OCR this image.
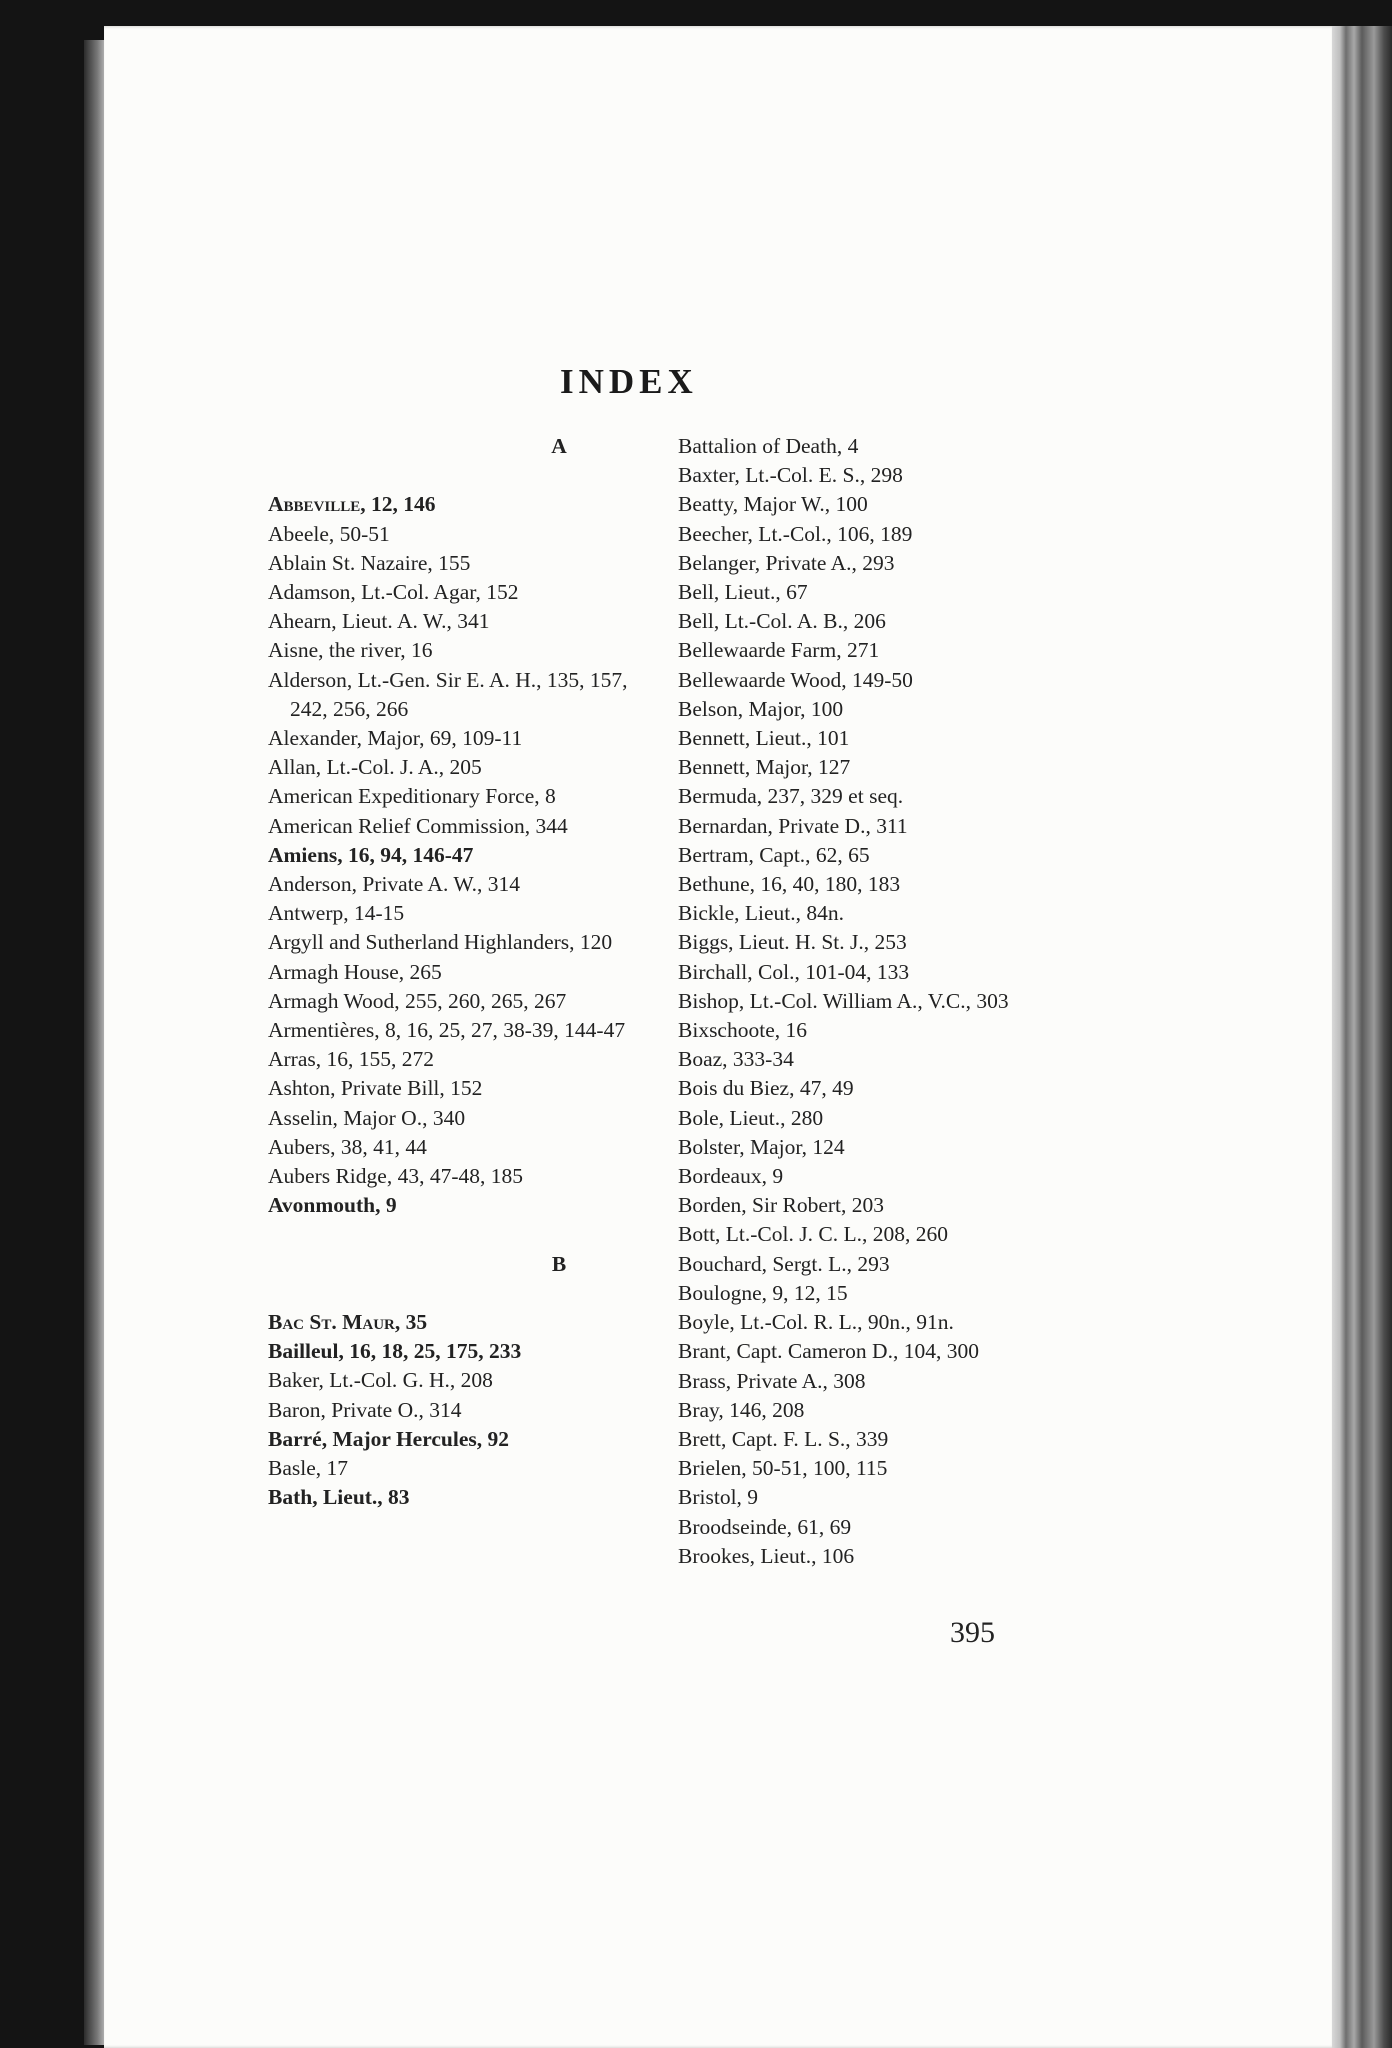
INDEX
A
Abbeville, 12, 146
Abeele, 50-51
Ablain St. Nazaire, 155
Adamson, Lt.-Col. Agar, 152
Ahearn, Lieut. A. W., 341
Aisne, the river, 16
Alderson, Lt.-Gen. Sir E. A. H., 135, 157, 242, 256, 266
Alexander, Major, 69, 109-11
Allan, Lt.-Col. J. A., 205
American Expeditionary Force, 8
American Relief Commission, 344
Amiens, 16, 94, 146-47
Anderson, Private A. W., 314
Antwerp, 14-15
Argyll and Sutherland Highlanders, 120
Armagh House, 265
Armagh Wood, 255, 260, 265, 267
Armentières, 8, 16, 25, 27, 38-39, 144-47
Arras, 16, 155, 272
Ashton, Private Bill, 152
Asselin, Major O., 340
Aubers, 38, 41, 44
Aubers Ridge, 43, 47-48, 185
Avonmouth, 9
B
Bac St. Maur, 35
Bailleul, 16, 18, 25, 175, 233
Baker, Lt.-Col. G. H., 208
Baron, Private O., 314
Barré, Major Hercules, 92
Basle, 17
Bath, Lieut., 83
Battalion of Death, 4
Baxter, Lt.-Col. E. S., 298
Beatty, Major W., 100
Beecher, Lt.-Col., 106, 189
Belanger, Private A., 293
Bell, Lieut., 67
Bell, Lt.-Col. A. B., 206
Bellewaarde Farm, 271
Bellewaarde Wood, 149-50
Belson, Major, 100
Bennett, Lieut., 101
Bennett, Major, 127
Bermuda, 237, 329 et seq.
Bernardan, Private D., 311
Bertram, Capt., 62, 65
Bethune, 16, 40, 180, 183
Bickle, Lieut., 84n.
Biggs, Lieut. H. St. J., 253
Birchall, Col., 101-04, 133
Bishop, Lt.-Col. William A., V.C., 303
Bixschoote, 16
Boaz, 333-34
Bois du Biez, 47, 49
Bole, Lieut., 280
Bolster, Major, 124
Bordeaux, 9
Borden, Sir Robert, 203
Bott, Lt.-Col. J. C. L., 208, 260
Bouchard, Sergt. L., 293
Boulogne, 9, 12, 15
Boyle, Lt.-Col. R. L., 90n., 91n.
Brant, Capt. Cameron D., 104, 300
Brass, Private A., 308
Bray, 146, 208
Brett, Capt. F. L. S., 339
Brielen, 50-51, 100, 115
Bristol, 9
Broodseinde, 61, 69
Brookes, Lieut., 106
395
